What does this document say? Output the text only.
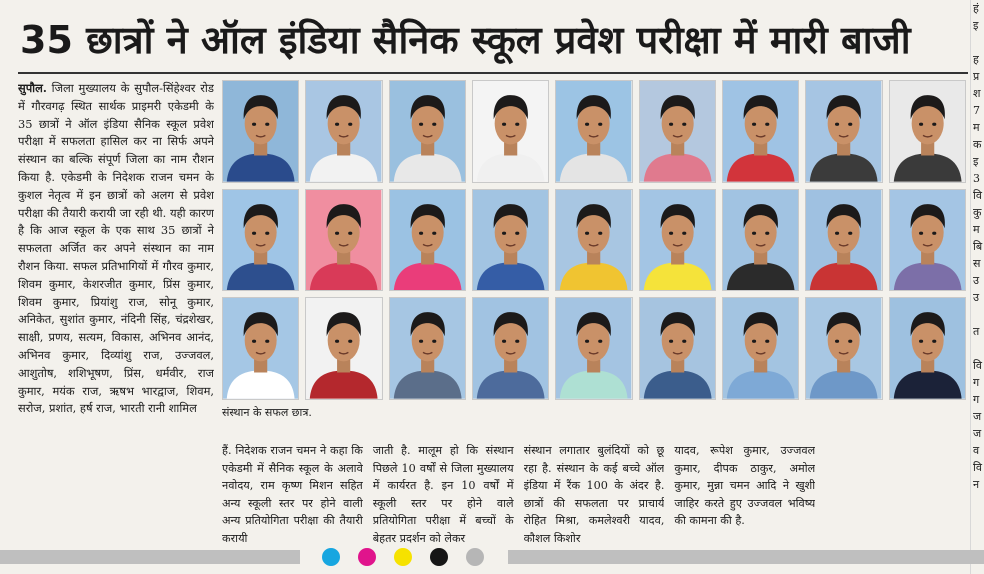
35 छात्रों ने ऑल इंडिया सैनिक स्कूल प्रवेश परीक्षा में मारी बाजी
सुपौल. जिला मुख्यालय के सुपौल-सिंहेश्वर रोड में गौरवगढ़ स्थित सार्थक प्राइमरी एकेडमी के 35 छात्रों ने ऑल इंडिया सैनिक स्कूल प्रवेश परीक्षा में सफलता हासिल कर ना सिर्फ अपने संस्थान का बल्कि संपूर्ण जिला का नाम रौशन किया है. एकेडमी के निदेशक राजन चमन के कुशल नेतृत्व में इन छात्रों को अलग से प्रवेश परीक्षा की तैयारी करायी जा रही थी. यही कारण है कि आज स्कूल के एक साथ 35 छात्रों ने सफलता अर्जित कर अपने संस्थान का नाम रौशन किया. सफल प्रतिभागियों में गौरव कुमार, शिवम कुमार, केशरजीत कुमार, प्रिंस कुमार, शिवम कुमार, प्रियांशु राज, सोनू कुमार, अनिकेत, सुशांत कुमार, नंदिनी सिंह, चंद्रशेखर, साक्षी, प्रणय, सत्यम, विकास, अभिनव आनंद, अभिनव कुमार, दिव्यांशु राज, उज्जवल, आशुतोष, शशिभूषण, प्रिंस, धर्मवीर, राज कुमार, मयंक राज, ऋषभ भारद्वाज, शिवम, सरोज, प्रशांत, हर्ष राज, भारती रानी शामिल	संस्थान के सफल छात्र.
हैं. निदेशक राजन चमन ने कहा कि एकेडमी में सैनिक स्कूल के अलावे नवोदय, राम कृष्ण मिशन सहित अन्य स्कूली स्तर पर होने वाली अन्य प्रतियोगिता परीक्षा की तैयारी करायी
जाती है. मालूम हो कि संस्थान पिछले 10 वर्षों से जिला मुख्यालय में कार्यरत है. इन 10 वर्षों में स्कूली स्तर पर होने वाले प्रतियोगिता परीक्षा में बच्चों के बेहतर प्रदर्शन को लेकर
संस्थान लगातार बुलंदियों को छू रहा है. संस्थान के कई बच्चे ऑल इंडिया में रैंक 100 के अंदर है. छात्रों की सफलता पर प्राचार्य रोहित मिश्रा, कमलेश्वरी यादव, कौशल किशोर
यादव, रूपेश कुमार, उज्जवल कुमार, दीपक ठाकुर, अमोल कुमार, मुन्ना चमन आदि ने खुशी जाहिर करते हुए उज्जवल भविष्य की कामना की है.
हं
इ
ह
प्र
श
7
म
क
इ
3
वि
कु
म
बि
स
उ
उ
त
वि
ग
ग
ज
ज
व
वि
न
